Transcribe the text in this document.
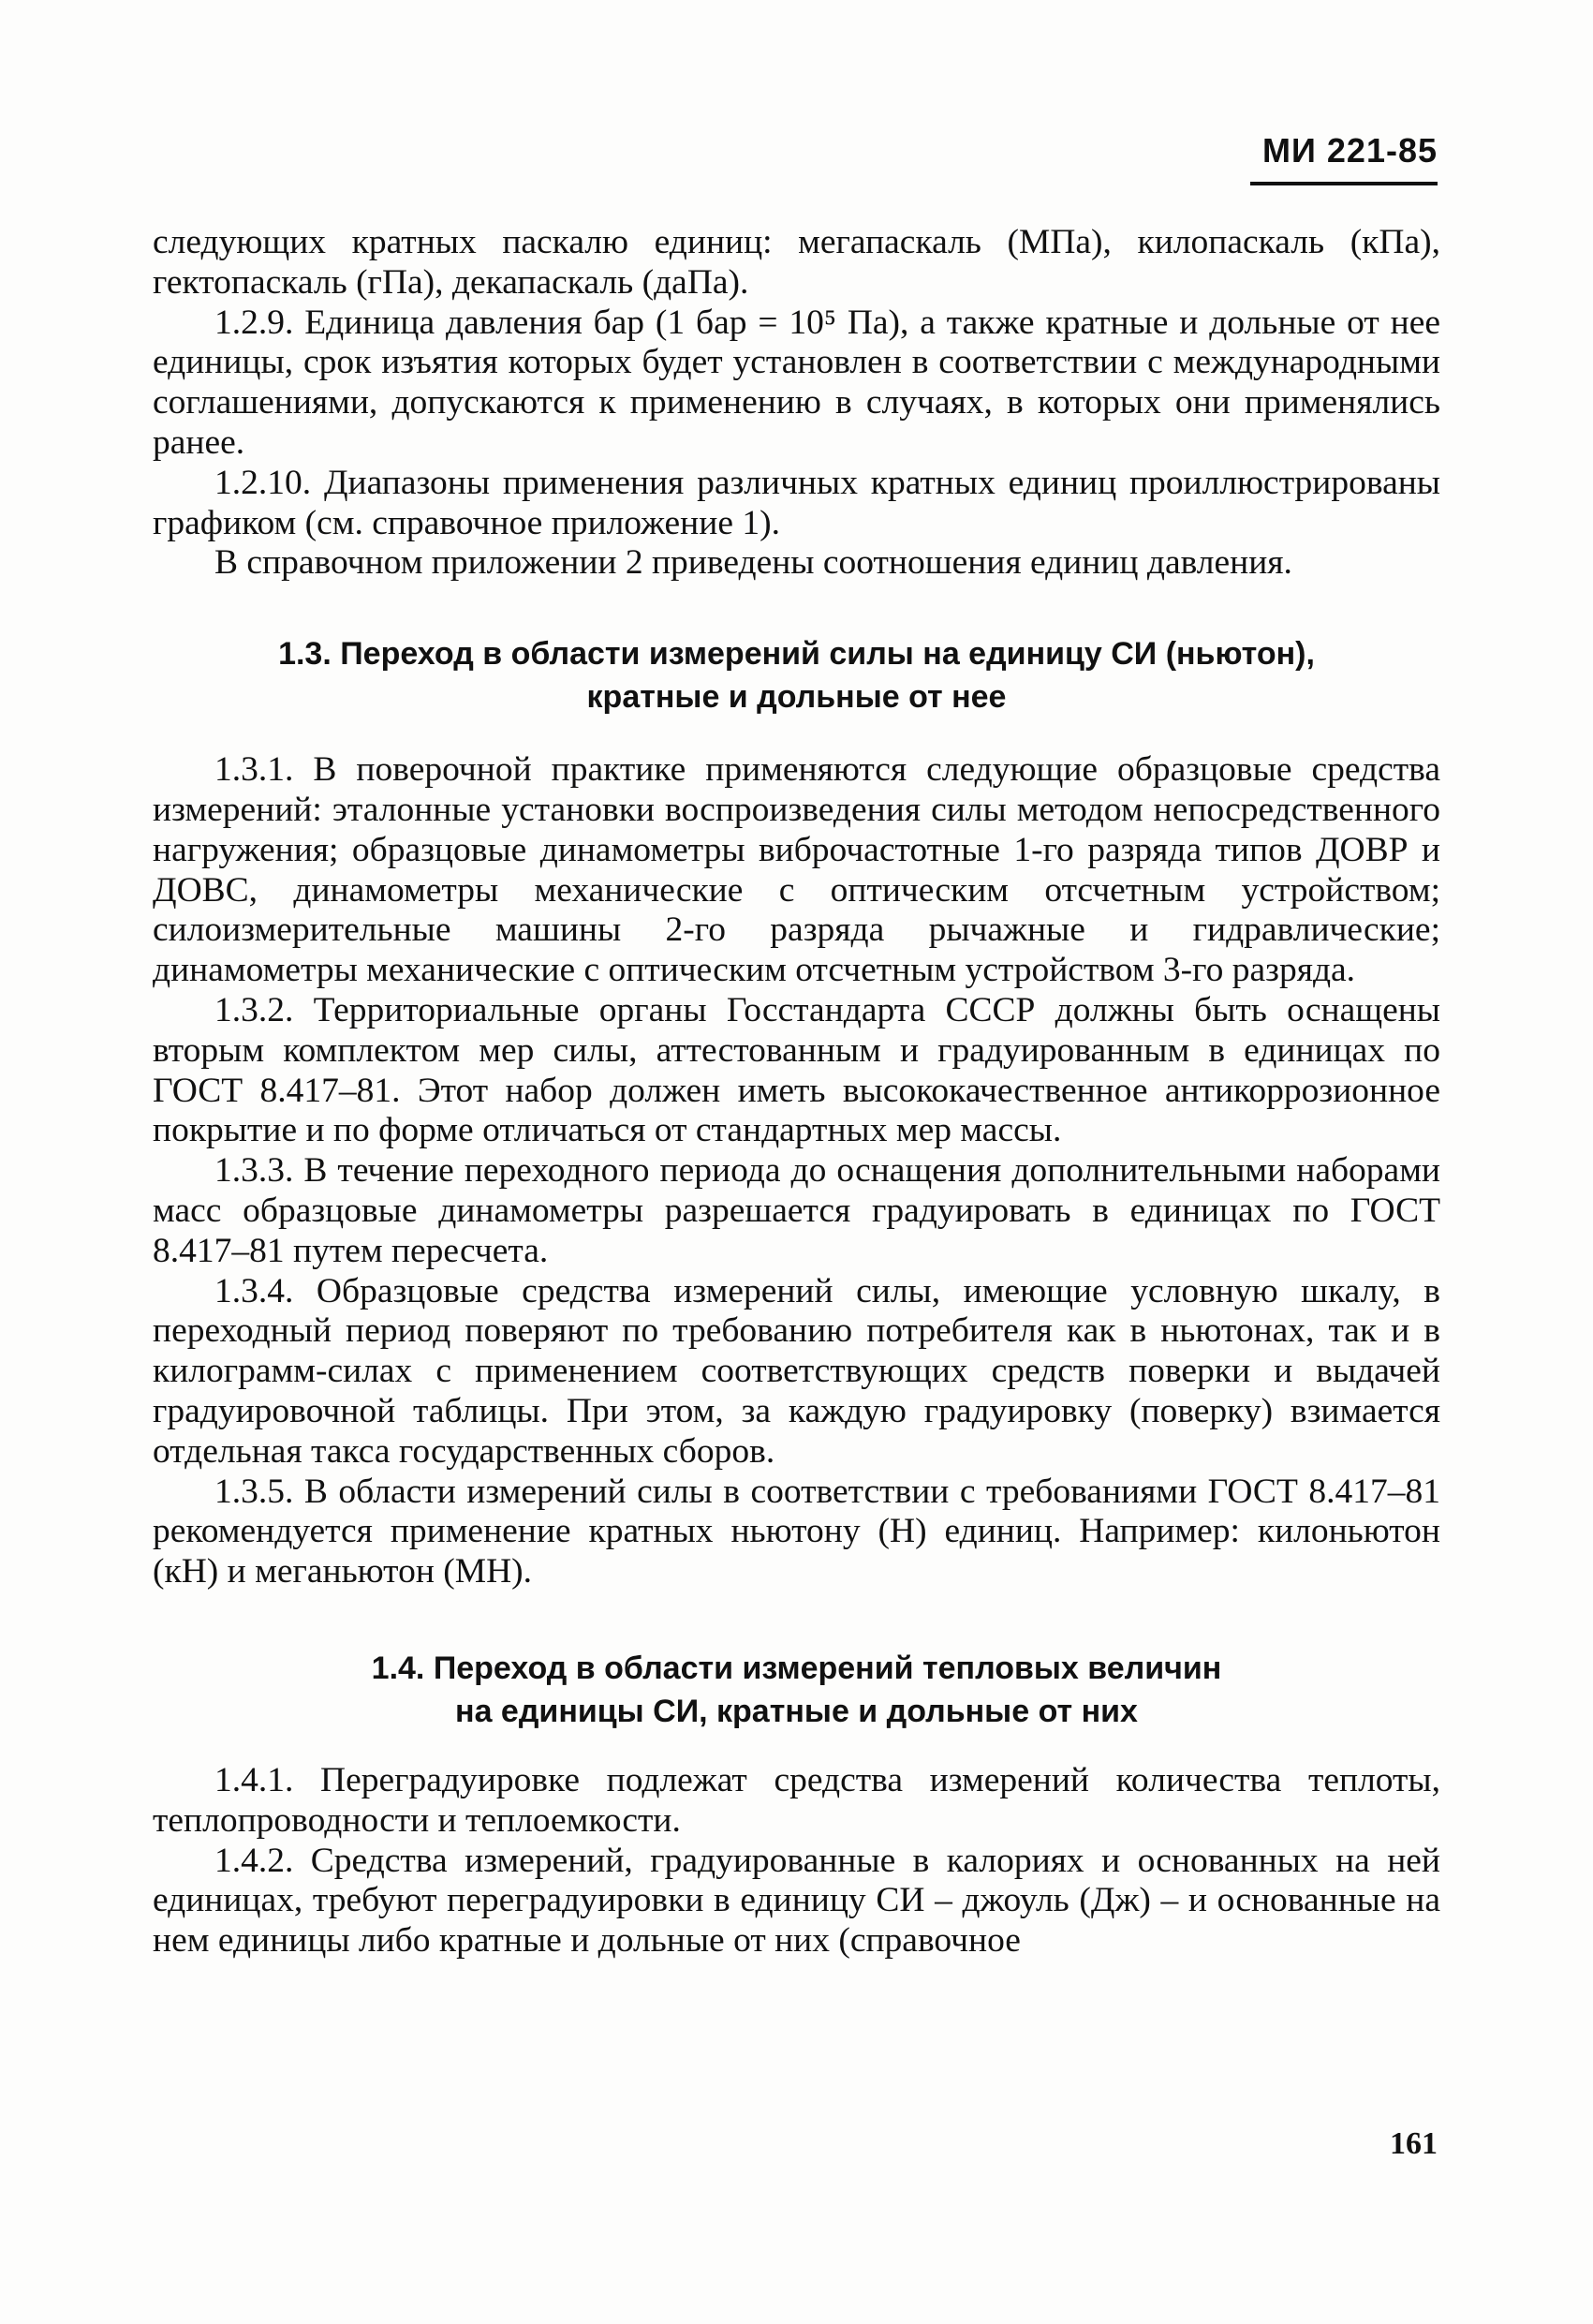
МИ 221-85

следующих кратных паскалю единиц: мегапаскаль (МПа), килопаскаль (кПа), гектопаскаль (гПа), декапаскаль (даПа).

1.2.9. Единица давления бар (1 бар = 10⁵ Па), а также кратные и дольные от нее единицы, срок изъятия которых будет установлен в соответствии с международными соглашениями, допускаются к применению в случаях, в которых они применялись ранее.

1.2.10. Диапазоны применения различных кратных единиц проиллюстрированы графиком (см. справочное приложение 1).

В справочном приложении 2 приведены соотношения единиц давления.

1.3. Переход в области измерений силы на единицу СИ (ньютон),
кратные и дольные от нее

1.3.1. В поверочной практике применяются следующие образцовые средства измерений: эталонные установки воспроизведения силы методом непосредственного нагружения; образцовые динамометры виброчастотные 1-го разряда типов ДОВР и ДОВС, динамометры механические с оптическим отсчетным устройством; силоизмерительные машины 2-го разряда рычажные и гидравлические; динамометры механические с оптическим отсчетным устройством 3-го разряда.

1.3.2. Территориальные органы Госстандарта СССР должны быть оснащены вторым комплектом мер силы, аттестованным и градуированным в единицах по ГОСТ 8.417–81. Этот набор должен иметь высококачественное антикоррозионное покрытие и по форме отличаться от стандартных мер массы.

1.3.3. В течение переходного периода до оснащения дополнительными наборами масс образцовые динамометры разрешается градуировать в единицах по ГОСТ 8.417–81 путем пересчета.

1.3.4. Образцовые средства измерений силы, имеющие условную шкалу, в переходный период поверяют по требованию потребителя как в ньютонах, так и в килограмм-силах с применением соответствующих средств поверки и выдачей градуировочной таблицы. При этом, за каждую градуировку (поверку) взимается отдельная такса государственных сборов.

1.3.5. В области измерений силы в соответствии с требованиями ГОСТ 8.417–81 рекомендуется применение кратных ньютону (Н) единиц. Например: килоньютон (кН) и меганьютон (МН).

1.4. Переход в области измерений тепловых величин
на единицы СИ, кратные и дольные от них

1.4.1. Переградуировке подлежат средства измерений количества теплоты, теплопроводности и теплоемкости.

1.4.2. Средства измерений, градуированные в калориях и основанных на ней единицах, требуют переградуировки в единицу СИ – джоуль (Дж) – и основанные на нем единицы либо кратные и дольные от них (справочное

161
